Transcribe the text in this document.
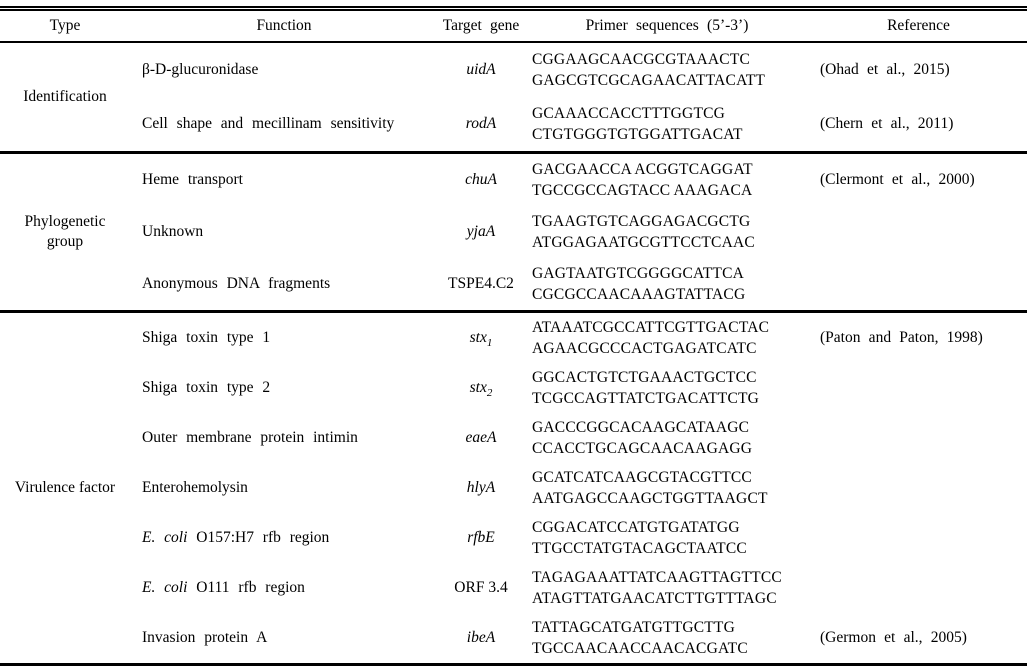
Type	Function	Target gene	Primer sequences (5’-3’)	Reference
Identification	β-D-glucuronidase	uidA	CGGAAGCAACGCGTAAACTC
GAGCGTCGCAGAACATTACATT	(Ohad et al., 2015)
	Cell shape and mecillinam sensitivity	rodA	GCAAACCACCTTTGGTCG
CTGTGGGTGTGGATTGACAT	(Chern et al., 2011)
Phylogenetic group	Heme transport	chuA	GACGAACCA ACGGTCAGGAT
TGCCGCCAGTACC AAAGACA	(Clermont et al., 2000)
	Unknown	yjaA	TGAAGTGTCAGGAGACGCTG
ATGGAGAATGCGTTCCTCAAC	

	Anonymous DNA fragments	TSPE4.C2	GAGTAATGTCGGGGCATTCA
CGCGCCAACAAAGTATTACG	

Virulence factor	Shiga toxin type 1	stx$_1$	ATAAATCGCCATTCGTTGACTAC
AGAACGCCCACTGAGATCATC	(Paton and Paton, 1998)
	Shiga toxin type 2	stx$_2$	GGCACTGTCTGAAACTGCTCC
TCGCCAGTTATCTGACATTCTG	

	Outer membrane protein intimin	eaeA	GACCCGGCACAAGCATAAGC
CCACCTGCAGCAACAAGAGG	

	Enterohemolysin	hlyA	GCATCATCAAGCGTACGTTCC
AATGAGCCAAGCTGGTTAAGCT	

	E. coli O157:H7 rfb region	rfbE	CGGACATCCATGTGATATGG
TTGCCTATGTACAGCTAATCC	

	E. coli O111 rfb region	ORF 3.4	TAGAGAAATTATCAAGTTAGTTCC
ATAGTTATGAACATCTTGTTTAGC	

	Invasion protein A	ibeA	TATTAGCATGATGTTGCTTG
TGCCAACAACCAACACGATC	(Germon et al., 2005)
